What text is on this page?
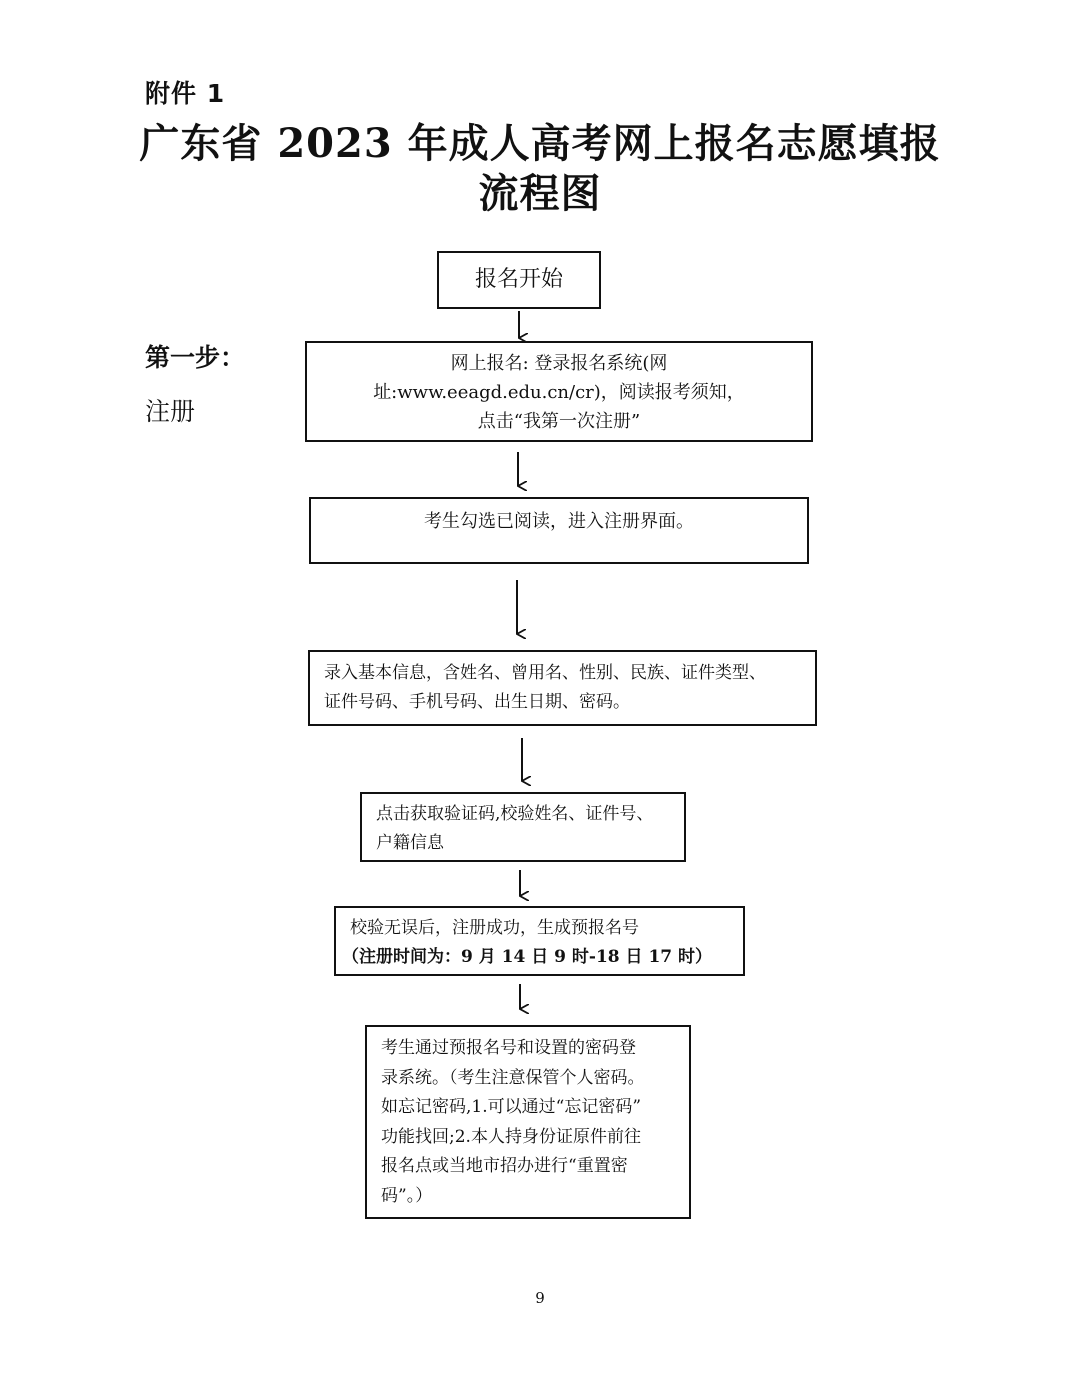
附件 1
广东省 2023 年成人高考网上报名志愿填报
流程图
第一步：
注册
报名开始
网上报名: 登录报名系统(网
址:www.eeagd.edu.cn/cr)，阅读报考须知，
点击“我第一次注册”
考生勾选已阅读，进入注册界面。
录入基本信息，含姓名、曾用名、性别、民族、证件类型、
证件号码、手机号码、出生日期、密码。
点击获取验证码,校验姓名、证件号、
户籍信息
校验无误后，注册成功，生成预报名号
（注册时间为：9 月 14 日 9 时-18 日 17 时）
考生通过预报名号和设置的密码登
录系统。（考生注意保管个人密码。
如忘记密码,1.可以通过“忘记密码”
功能找回;2.本人持身份证原件前往
报名点或当地市招办进行“重置密
码”。）
9
